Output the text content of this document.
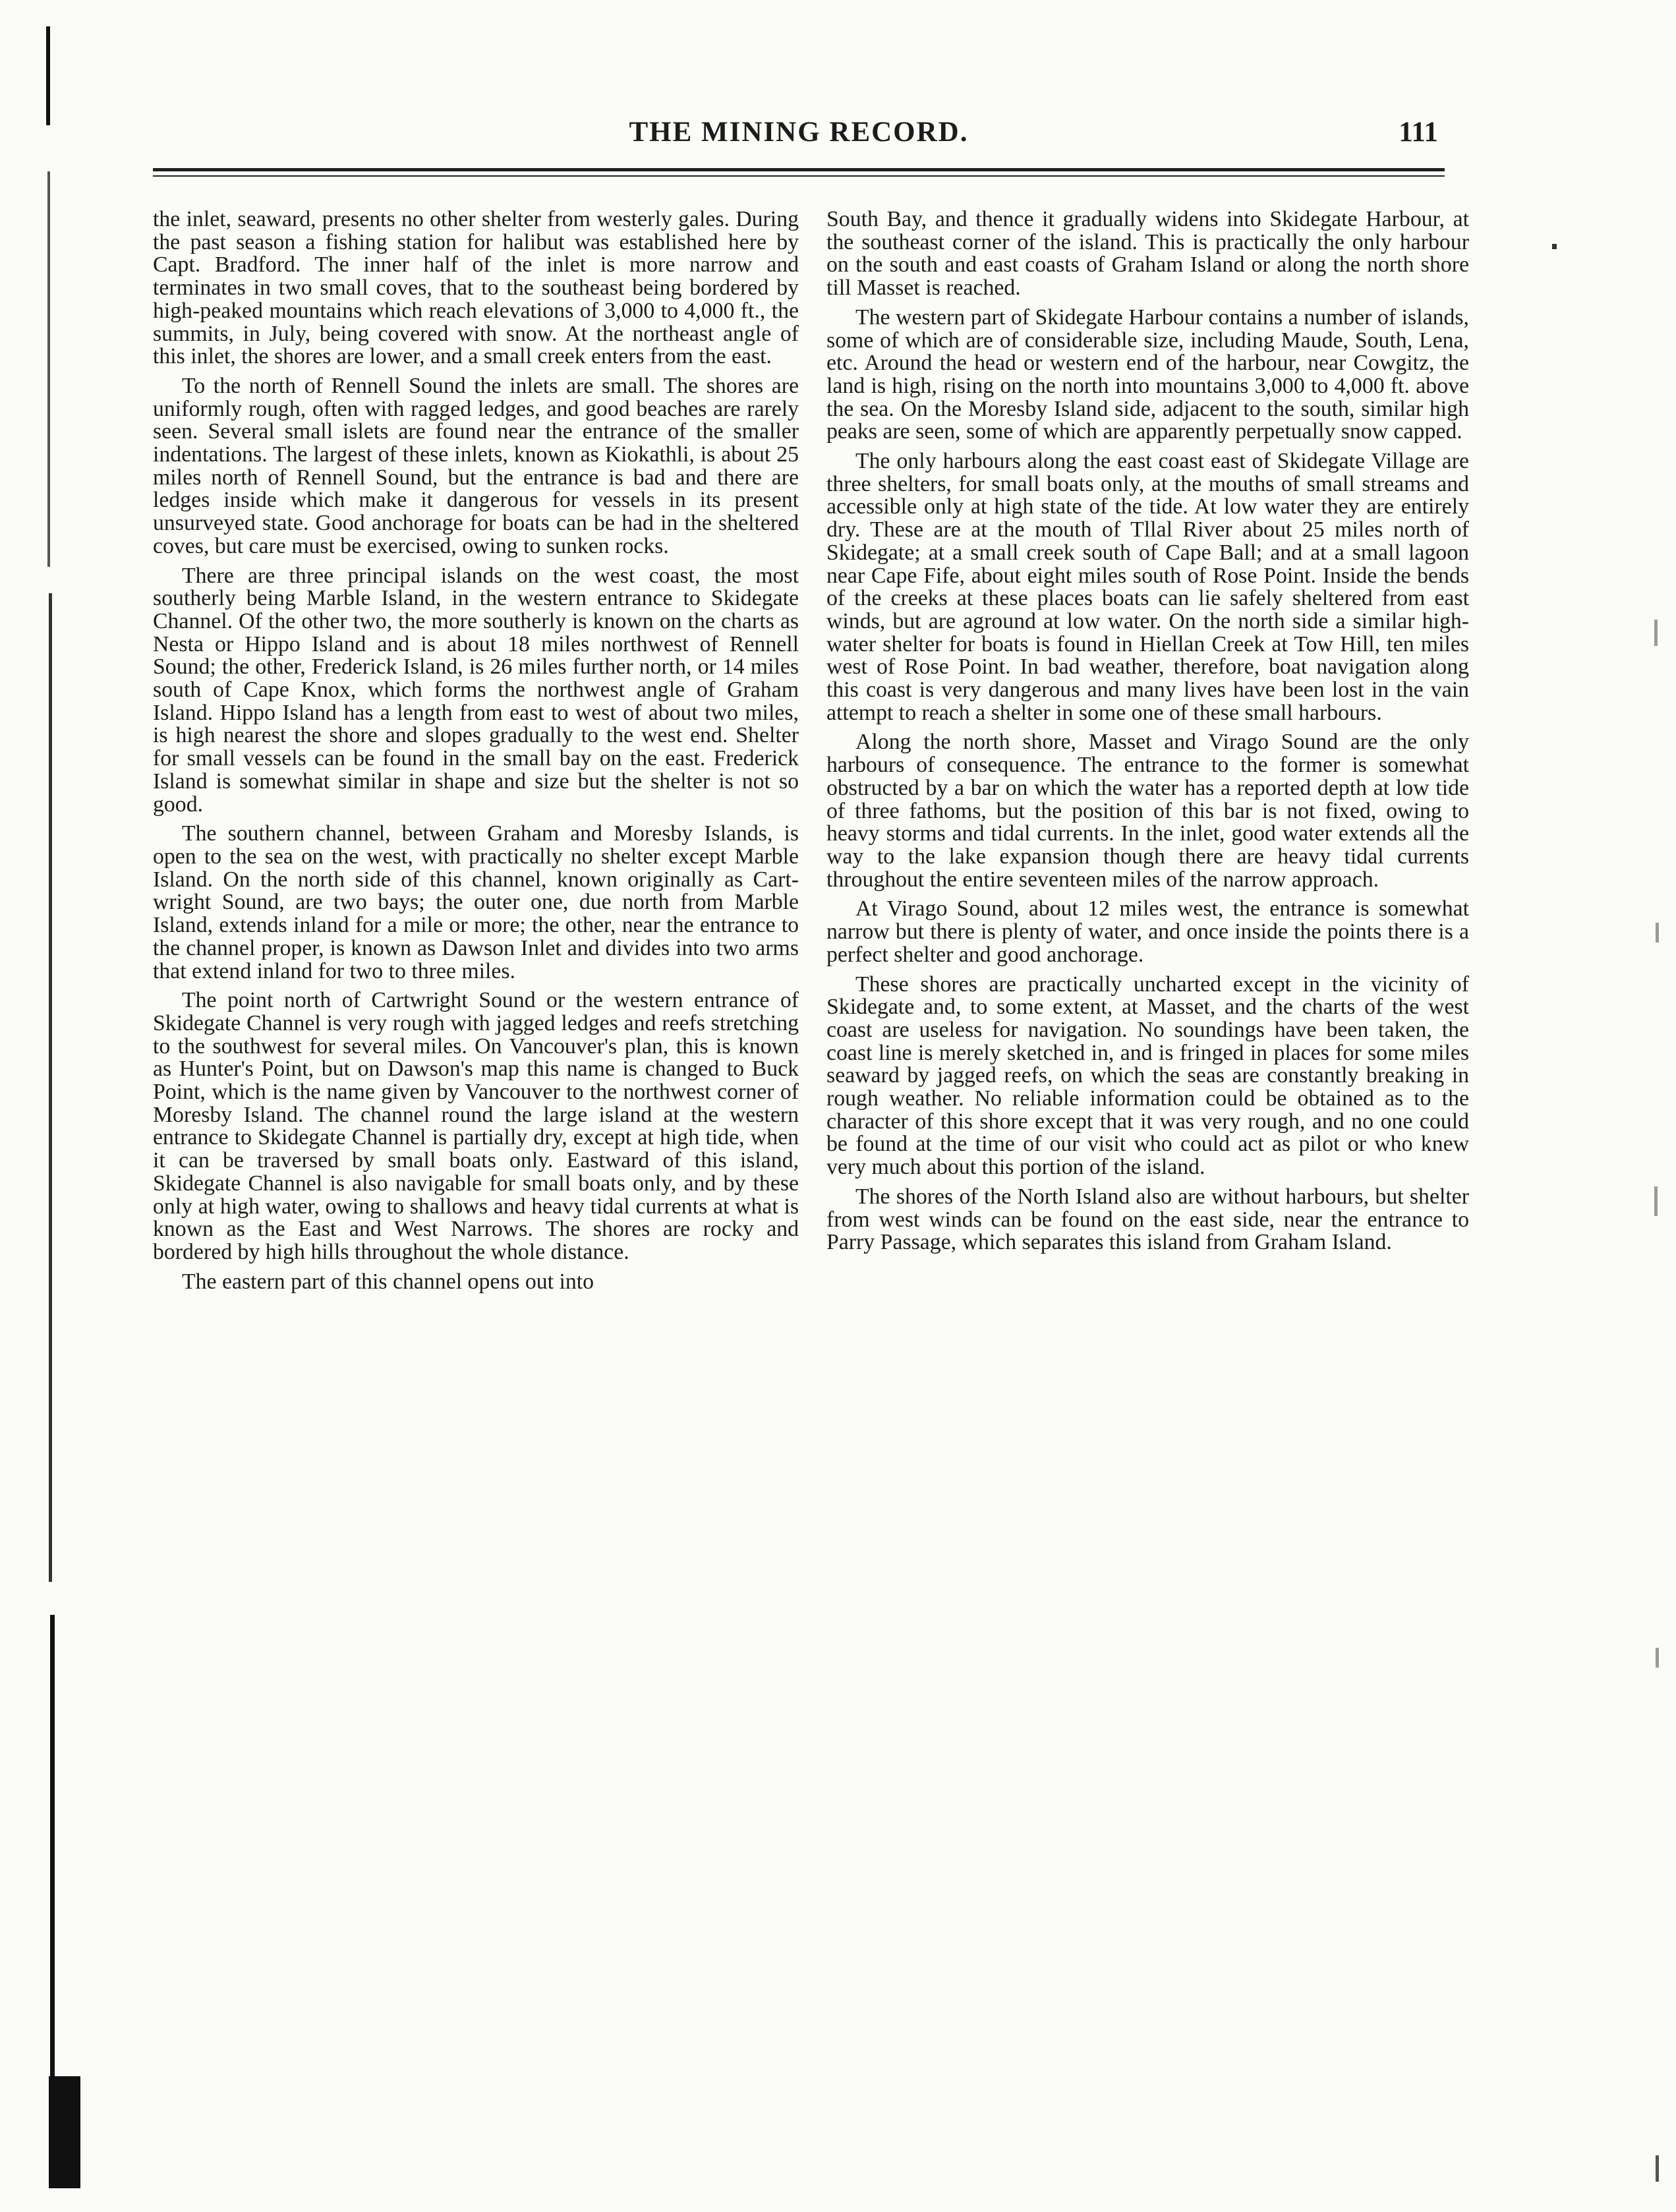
THE MINING RECORD.	111

the inlet, seaward, presents no other shelter from westerly gales. During the past season a fishing station for halibut was established here by Capt. Bradford. The inner half of the inlet is more narrow and terminates in two small coves, that to the southeast being bordered by high-peaked mountains which reach elevations of 3,000 to 4,000 ft., the summits, in July, being covered with snow. At the northeast angle of this inlet, the shores are lower, and a small creek enters from the east.

To the north of Rennell Sound the inlets are small. The shores are uniformly rough, often with ragged ledges, and good beaches are rarely seen. Several small islets are found near the entrance of the smaller indentations. The largest of these inlets, known as Kiokathli, is about 25 miles north of Rennell Sound, but the entrance is bad and there are ledges inside which make it dangerous for vessels in its present unsurveyed state. Good anchorage for boats can be had in the sheltered coves, but care must be exercised, owing to sunken rocks.

There are three principal islands on the west coast, the most southerly being Marble Island, in the western entrance to Skidegate Channel. Of the other two, the more southerly is known on the charts as Nesta or Hippo Island and is about 18 miles northwest of Rennell Sound; the other, Frederick Island, is 26 miles further north, or 14 miles south of Cape Knox, which forms the northwest angle of Graham Island. Hippo Island has a length from east to west of about two miles, is high nearest the shore and slopes gradually to the west end. Shelter for small vessels can be found in the small bay on the east. Frederick Island is somewhat similar in shape and size but the shelter is not so good.

The southern channel, between Graham and Moresby Islands, is open to the sea on the west, with practically no shelter except Marble Island. On the north side of this channel, known originally as Cartwright Sound, are two bays; the outer one, due north from Marble Island, extends inland for a mile or more; the other, near the entrance to the channel proper, is known as Dawson Inlet and divides into two arms that extend inland for two to three miles.

The point north of Cartwright Sound or the western entrance of Skidegate Channel is very rough with jagged ledges and reefs stretching to the southwest for several miles. On Vancouver's plan, this is known as Hunter's Point, but on Dawson's map this name is changed to Buck Point, which is the name given by Vancouver to the northwest corner of Moresby Island. The channel round the large island at the western entrance to Skidegate Channel is partially dry, except at high tide, when it can be traversed by small boats only. Eastward of this island, Skidegate Channel is also navigable for small boats only, and by these only at high water, owing to shallows and heavy tidal currents at what is known as the East and West Narrows. The shores are rocky and bordered by high hills throughout the whole distance.

The eastern part of this channel opens out into

South Bay, and thence it gradually widens into Skidegate Harbour, at the southeast corner of the island. This is practically the only harbour on the south and east coasts of Graham Island or along the north shore till Masset is reached.

The western part of Skidegate Harbour contains a number of islands, some of which are of considerable size, including Maude, South, Lena, etc. Around the head or western end of the harbour, near Cowgitz, the land is high, rising on the north into mountains 3,000 to 4,000 ft. above the sea. On the Moresby Island side, adjacent to the south, similar high peaks are seen, some of which are apparently perpetually snow capped.

The only harbours along the east coast east of Skidegate Village are three shelters, for small boats only, at the mouths of small streams and accessible only at high state of the tide. At low water they are entirely dry. These are at the mouth of Tllal River about 25 miles north of Skidegate; at a small creek south of Cape Ball; and at a small lagoon near Cape Fife, about eight miles south of Rose Point. Inside the bends of the creeks at these places boats can lie safely sheltered from east winds, but are aground at low water. On the north side a similar high-water shelter for boats is found in Hiellan Creek at Tow Hill, ten miles west of Rose Point. In bad weather, therefore, boat navigation along this coast is very dangerous and many lives have been lost in the vain attempt to reach a shelter in some one of these small harbours.

Along the north shore, Masset and Virago Sound are the only harbours of consequence. The entrance to the former is somewhat obstructed by a bar on which the water has a reported depth at low tide of three fathoms, but the position of this bar is not fixed, owing to heavy storms and tidal currents. In the inlet, good water extends all the way to the lake expansion though there are heavy tidal currents throughout the entire seventeen miles of the narrow approach.

At Virago Sound, about 12 miles west, the entrance is somewhat narrow but there is plenty of water, and once inside the points there is a perfect shelter and good anchorage.

These shores are practically uncharted except in the vicinity of Skidegate and, to some extent, at Masset, and the charts of the west coast are useless for navigation. No soundings have been taken, the coast line is merely sketched in, and is fringed in places for some miles seaward by jagged reefs, on which the seas are constantly breaking in rough weather. No reliable information could be obtained as to the character of this shore except that it was very rough, and no one could be found at the time of our visit who could act as pilot or who knew very much about this portion of the island.

The shores of the North Island also are without harbours, but shelter from west winds can be found on the east side, near the entrance to Parry Passage, which separates this island from Graham Island.
